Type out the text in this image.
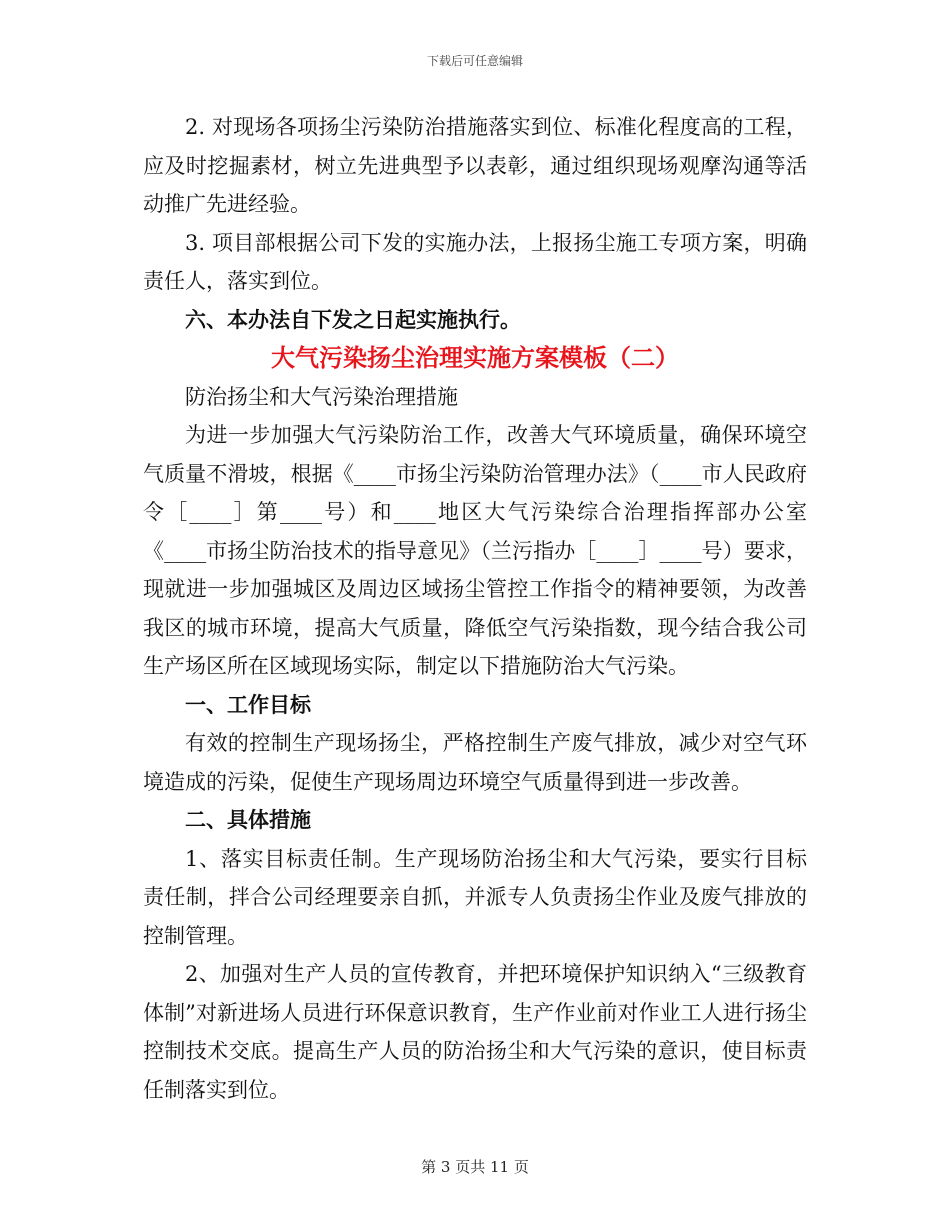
下载后可任意编辑

2. 对现场各项扬尘污染防治措施落实到位、标准化程度高的工程，应及时挖掘素材，树立先进典型予以表彰，通过组织现场观摩沟通等活动推广先进经验。

3. 项目部根据公司下发的实施办法，上报扬尘施工专项方案，明确责任人，落实到位。

六、本办法自下发之日起实施执行。

大气污染扬尘治理实施方案模板（二）

防治扬尘和大气污染治理措施

为进一步加强大气污染防治工作，改善大气环境质量，确保环境空气质量不滑坡，根据《____市扬尘污染防治管理办法》（____市人民政府令［____］第____号）和____地区大气污染综合治理指挥部办公室《____市扬尘防治技术的指导意见》（兰污指办［____］____号）要求，现就进一步加强城区及周边区域扬尘管控工作指令的精神要领，为改善我区的城市环境，提高大气质量，降低空气污染指数，现今结合我公司生产场区所在区域现场实际，制定以下措施防治大气污染。

一、工作目标

有效的控制生产现场扬尘，严格控制生产废气排放，减少对空气环境造成的污染，促使生产现场周边环境空气质量得到进一步改善。

二、具体措施

1、落实目标责任制。生产现场防治扬尘和大气污染，要实行目标责任制，拌合公司经理要亲自抓，并派专人负责扬尘作业及废气排放的控制管理。

2、加强对生产人员的宣传教育，并把环境保护知识纳入“三级教育体制”对新进场人员进行环保意识教育，生产作业前对作业工人进行扬尘控制技术交底。提高生产人员的防治扬尘和大气污染的意识，使目标责任制落实到位。

第 3 页共 11 页
